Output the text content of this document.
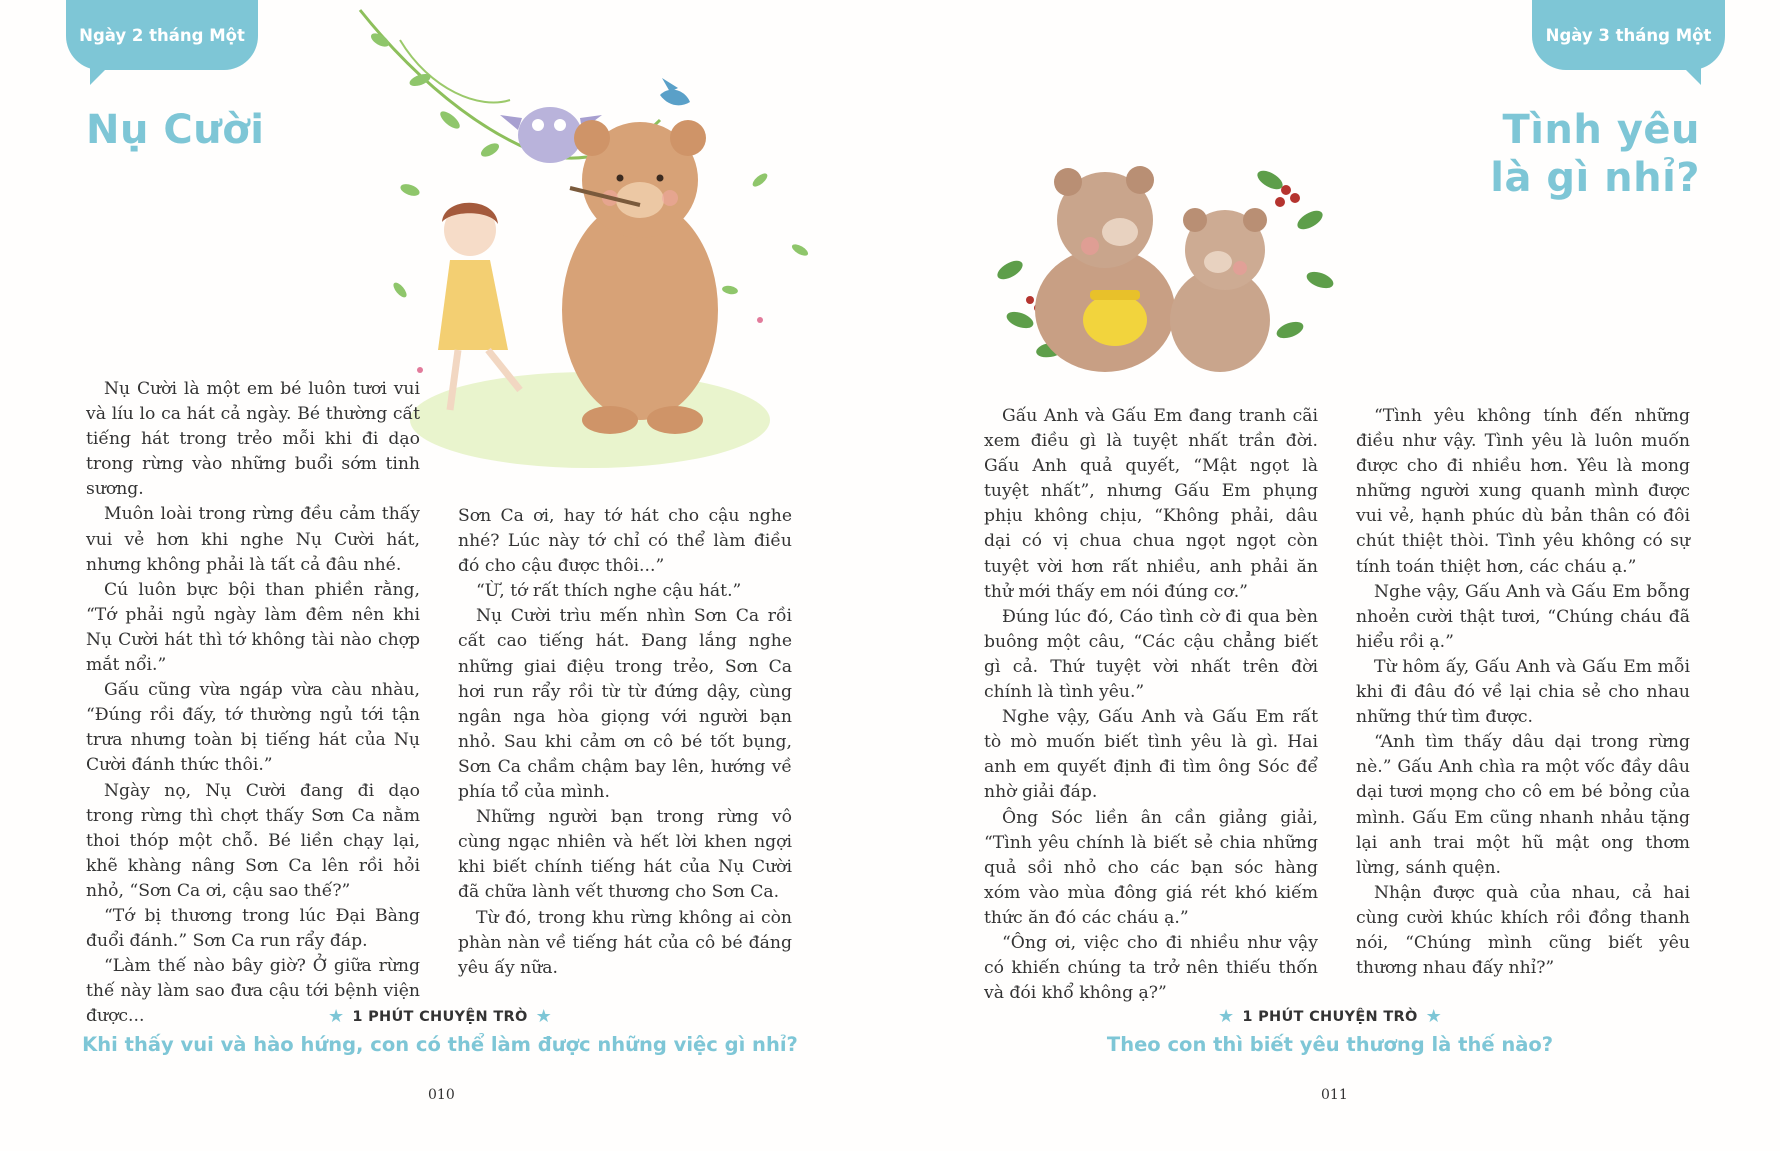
Ngày 2 tháng Một
Nụ Cười

Nụ Cười là một em bé luôn tươi vui và líu lo ca hát cả ngày. Bé thường cất tiếng hát trong trẻo mỗi khi đi dạo trong rừng vào những buổi sớm tinh sương.

Muôn loài trong rừng đều cảm thấy vui vẻ hơn khi nghe Nụ Cười hát, nhưng không phải là tất cả đâu nhé.

Cú luôn bực bội than phiền rằng, “Tớ phải ngủ ngày làm đêm nên khi Nụ Cười hát thì tớ không tài nào chợp mắt nổi.”

Gấu cũng vừa ngáp vừa càu nhàu, “Đúng rồi đấy, tớ thường ngủ tới tận trưa nhưng toàn bị tiếng hát của Nụ Cười đánh thức thôi.”

Ngày nọ, Nụ Cười đang đi dạo trong rừng thì chợt thấy Sơn Ca nằm thoi thóp một chỗ. Bé liền chạy lại, khẽ khàng nâng Sơn Ca lên rồi hỏi nhỏ, “Sơn Ca ơi, cậu sao thế?”

“Tớ bị thương trong lúc Đại Bàng đuổi đánh.” Sơn Ca run rẩy đáp.

“Làm thế nào bây giờ? Ở giữa rừng thế này làm sao đưa cậu tới bệnh viện được...

Sơn Ca ơi, hay tớ hát cho cậu nghe nhé? Lúc này tớ chỉ có thể làm điều đó cho cậu được thôi...”

“Ừ, tớ rất thích nghe cậu hát.”

Nụ Cười trìu mến nhìn Sơn Ca rồi cất cao tiếng hát. Đang lắng nghe những giai điệu trong trẻo, Sơn Ca hơi run rẩy rồi từ từ đứng dậy, cùng ngân nga hòa giọng với người bạn nhỏ. Sau khi cảm ơn cô bé tốt bụng, Sơn Ca chầm chậm bay lên, hướng về phía tổ của mình.

Những người bạn trong rừng vô cùng ngạc nhiên và hết lời khen ngợi khi biết chính tiếng hát của Nụ Cười đã chữa lành vết thương cho Sơn Ca.

Từ đó, trong khu rừng không ai còn phàn nàn về tiếng hát của cô bé đáng yêu ấy nữa.

★ 1 PHÚT CHUYỆN TRÒ ★
Khi thấy vui và hào hứng, con có thể làm được những việc gì nhỉ?
010
Ngày 3 tháng Một
Tình yêu
là gì nhỉ?

Gấu Anh và Gấu Em đang tranh cãi xem điều gì là tuyệt nhất trần đời. Gấu Anh quả quyết, “Mật ngọt là tuyệt nhất”, nhưng Gấu Em phụng phịu không chịu, “Không phải, dâu dại có vị chua chua ngọt ngọt còn tuyệt vời hơn rất nhiều, anh phải ăn thử mới thấy em nói đúng cơ.”

Đúng lúc đó, Cáo tình cờ đi qua bèn buông một câu, “Các cậu chẳng biết gì cả. Thứ tuyệt vời nhất trên đời chính là tình yêu.”

Nghe vậy, Gấu Anh và Gấu Em rất tò mò muốn biết tình yêu là gì. Hai anh em quyết định đi tìm ông Sóc để nhờ giải đáp.

Ông Sóc liền ân cần giảng giải, “Tình yêu chính là biết sẻ chia những quả sồi nhỏ cho các bạn sóc hàng xóm vào mùa đông giá rét khó kiếm thức ăn đó các cháu ạ.”

“Ông ơi, việc cho đi nhiều như vậy có khiến chúng ta trở nên thiếu thốn và đói khổ không ạ?”

“Tình yêu không tính đến những điều như vậy. Tình yêu là luôn muốn được cho đi nhiều hơn. Yêu là mong những người xung quanh mình được vui vẻ, hạnh phúc dù bản thân có đôi chút thiệt thòi. Tình yêu không có sự tính toán thiệt hơn, các cháu ạ.”

Nghe vậy, Gấu Anh và Gấu Em bỗng nhoẻn cười thật tươi, “Chúng cháu đã hiểu rồi ạ.”

Từ hôm ấy, Gấu Anh và Gấu Em mỗi khi đi đâu đó về lại chia sẻ cho nhau những thứ tìm được.

“Anh tìm thấy dâu dại trong rừng nè.” Gấu Anh chìa ra một vốc đầy dâu dại tươi mọng cho cô em bé bỏng của mình. Gấu Em cũng nhanh nhảu tặng lại anh trai một hũ mật ong thơm lừng, sánh quện.

Nhận được quà của nhau, cả hai cùng cười khúc khích rồi đồng thanh nói, “Chúng mình cũng biết yêu thương nhau đấy nhỉ?”

★ 1 PHÚT CHUYỆN TRÒ ★
Theo con thì biết yêu thương là thế nào?
011
